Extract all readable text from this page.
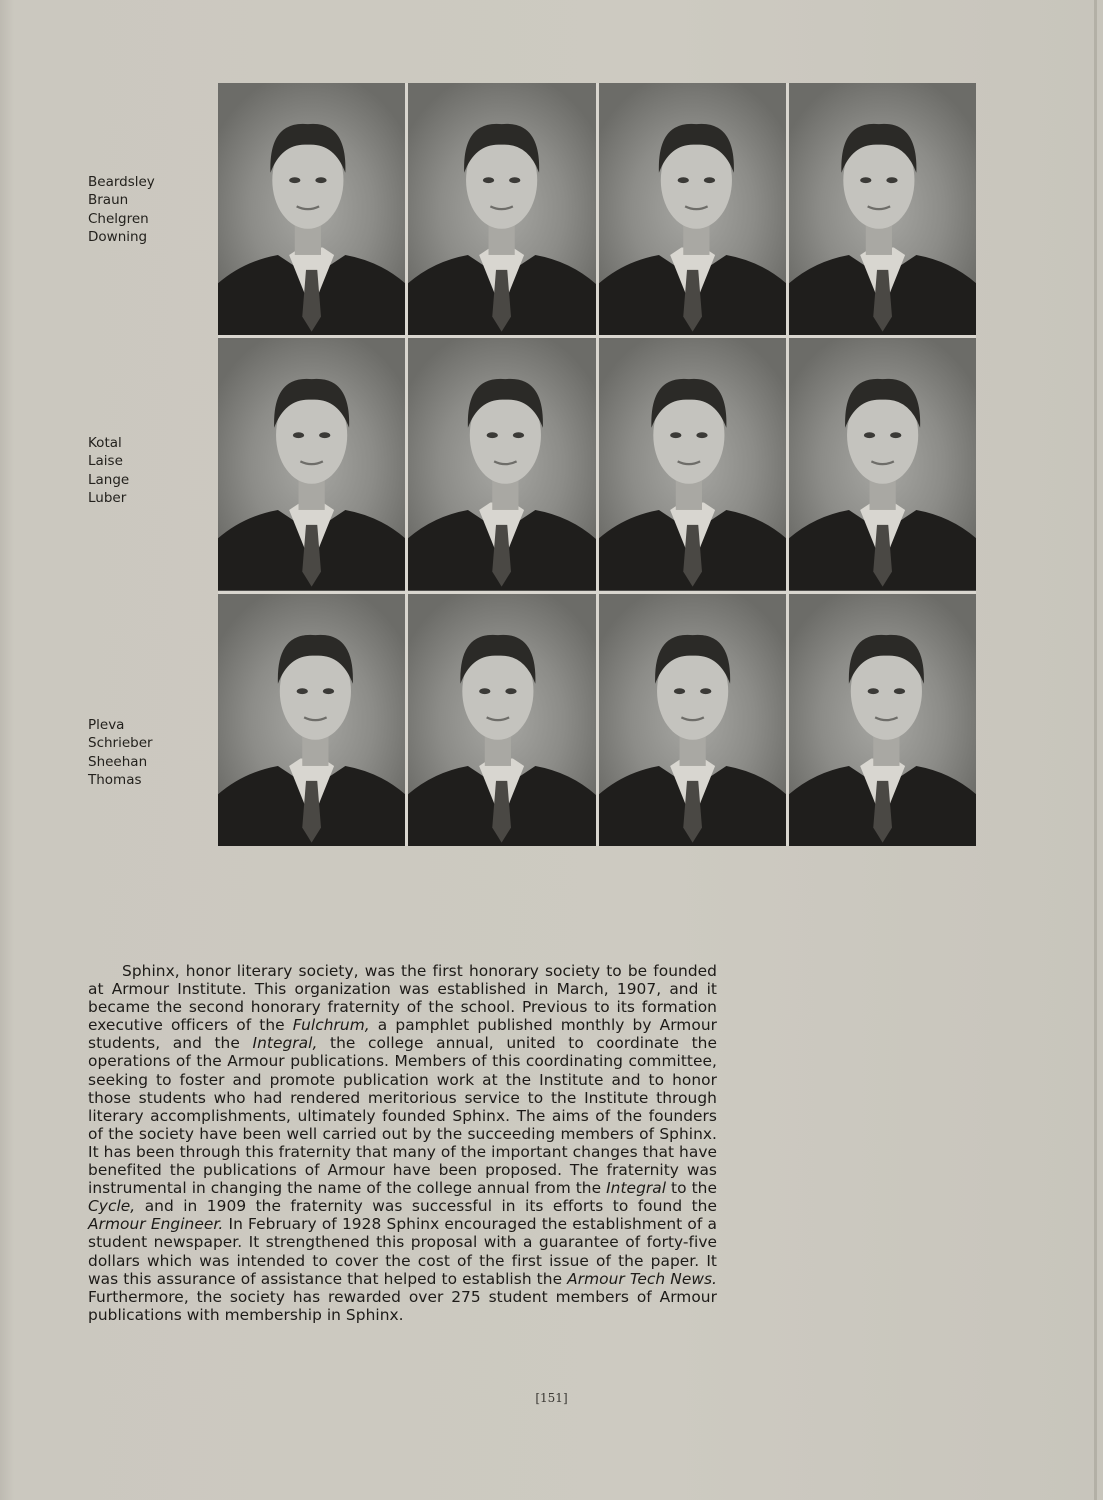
Beardsley
Braun
Chelgren
Downing
Kotal
Laise
Lange
Luber
Pleva
Schrieber
Sheehan
Thomas

Sphinx, honor literary society, was the first honorary society to be founded at Armour Institute. This organization was established in March, 1907, and it became the second honorary fraternity of the school. Previous to its formation executive officers of the Fulchrum, a pamphlet published monthly by Armour students, and the Integral, the college annual, united to coordinate the operations of the Armour publications. Members of this coordinating committee, seeking to foster and promote publication work at the Institute and to honor those students who had rendered meritorious service to the Institute through literary accomplishments, ultimately founded Sphinx. The aims of the founders of the society have been well carried out by the succeeding members of Sphinx. It has been through this fraternity that many of the important changes that have benefited the publications of Armour have been proposed. The fraternity was instrumental in changing the name of the college annual from the Integral to the Cycle, and in 1909 the fraternity was successful in its efforts to found the Armour Engineer. In February of 1928 Sphinx encouraged the establishment of a student newspaper. It strengthened this proposal with a guarantee of forty-five dollars which was intended to cover the cost of the first issue of the paper. It was this assurance of assistance that helped to establish the Armour Tech News. Furthermore, the society has rewarded over 275 student members of Armour publications with membership in Sphinx.

[151]
